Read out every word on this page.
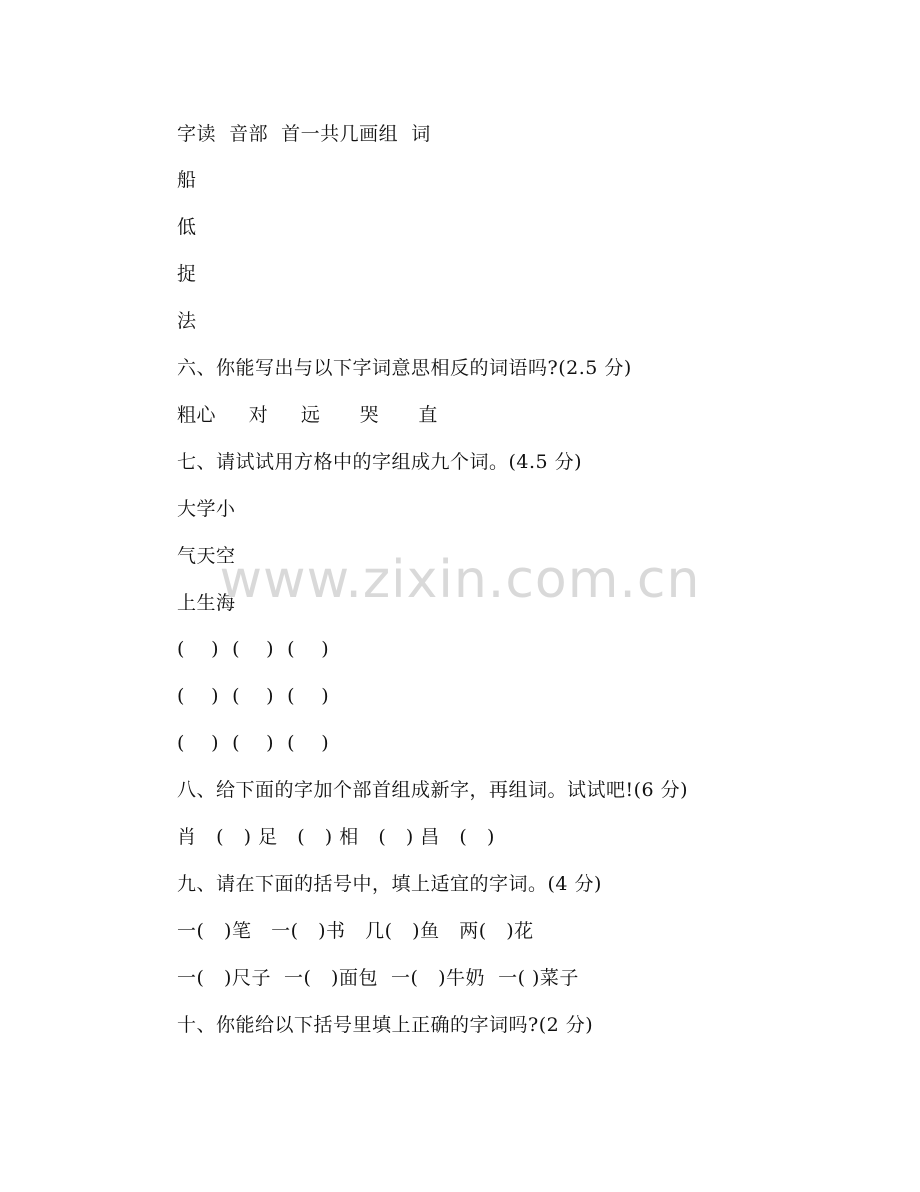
字读  音部  首一共几画组  词
船
低
捉
法
六、你能写出与以下字词意思相反的词语吗?(2.5 分)
粗心     对     远      哭      直
七、请试试用方格中的字组成九个词。(4.5 分)
大学小
气天空
上生海
(    )  (    )  (    )
(    )  (    )  (    )
(    )  (    )  (    )
八、给下面的字加个部首组成新字，再组词。试试吧!(6 分)
肖   (   ) 足   (   ) 相   (   ) 昌   (   )
九、请在下面的括号中，填上适宜的字词。(4 分)
一(   )笔   一(   )书   几(   )鱼   两(   )花
一(   )尺子  一(   )面包  一(   )牛奶  一( )菜子
十、你能给以下括号里填上正确的字词吗?(2 分)
www.zixin.com.cn
